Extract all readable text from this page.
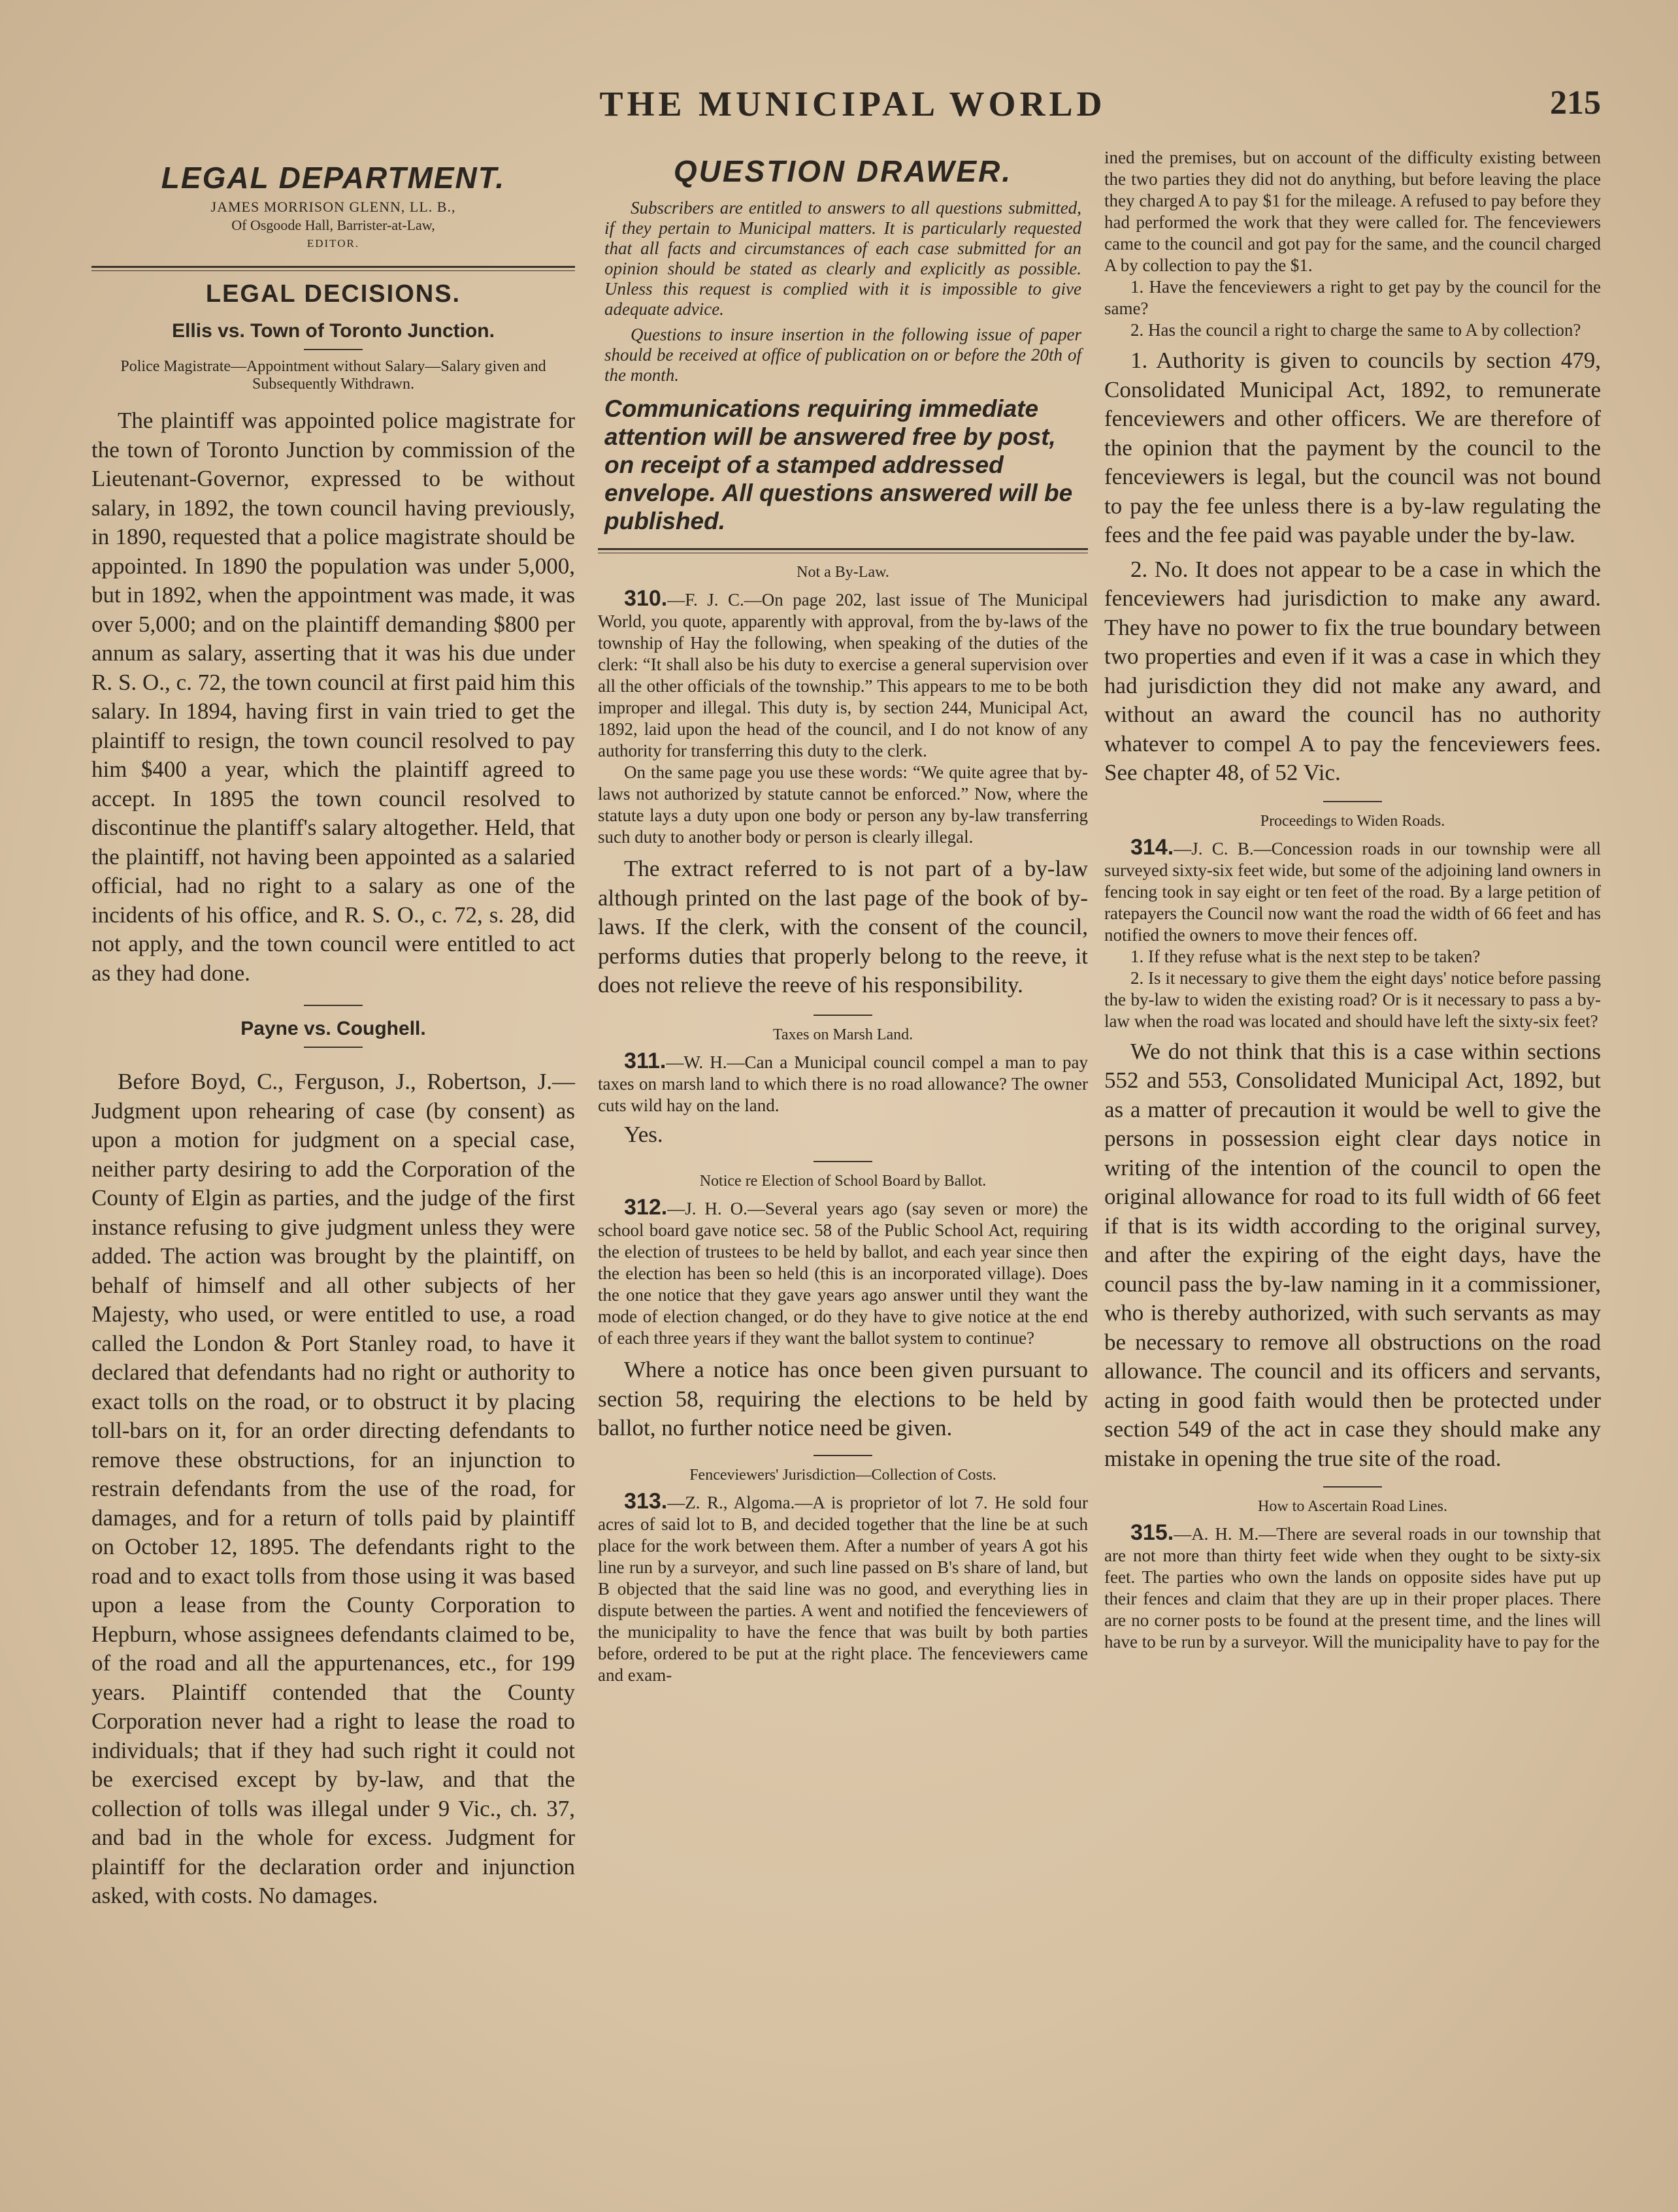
THE MUNICIPAL WORLD	215
LEGAL DEPARTMENT.

JAMES MORRISON GLENN, LL. B.,

Of Osgoode Hall, Barrister-at-Law,

EDITOR.

LEGAL DECISIONS.
Ellis vs. Town of Toronto Junction.

Police Magistrate—Appointment without Salary—Salary given and Subsequently Withdrawn.

The plaintiff was appointed police magistrate for the town of Toronto Junction by commission of the Lieutenant-Governor, expressed to be without salary, in 1892, the town council having previously, in 1890, requested that a police magistrate should be appointed. In 1890 the population was under 5,000, but in 1892, when the appointment was made, it was over 5,000; and on the plaintiff demanding $800 per annum as salary, asserting that it was his due under R. S. O., c. 72, the town council at first paid him this salary. In 1894, having first in vain tried to get the plaintiff to resign, the town council resolved to pay him $400 a year, which the plaintiff agreed to accept. In 1895 the town council resolved to discontinue the plantiff's salary altogether. Held, that the plaintiff, not having been appointed as a salaried official, had no right to a salary as one of the incidents of his office, and R. S. O., c. 72, s. 28, did not apply, and the town council were entitled to act as they had done.

Payne vs. Coughell.

Before Boyd, C., Ferguson, J., Robertson, J.—Judgment upon rehearing of case (by consent) as upon a motion for judgment on a special case, neither party desiring to add the Corporation of the County of Elgin as parties, and the judge of the first instance refusing to give judgment unless they were added. The action was brought by the plaintiff, on behalf of himself and all other subjects of her Majesty, who used, or were entitled to use, a road called the London & Port Stanley road, to have it declared that defendants had no right or authority to exact tolls on the road, or to obstruct it by placing toll-bars on it, for an order directing defendants to remove these obstructions, for an injunction to restrain defendants from the use of the road, for damages, and for a return of tolls paid by plaintiff on October 12, 1895. The defendants right to the road and to exact tolls from those using it was based upon a lease from the County Corporation to Hepburn, whose assignees defendants claimed to be, of the road and all the appurtenances, etc., for 199 years. Plaintiff contended that the County Corporation never had a right to lease the road to individuals; that if they had such right it could not be exercised except by by-law, and that the collection of tolls was illegal under 9 Vic., ch. 37, and bad in the whole for excess. Judgment for plaintiff for the declaration order and injunction asked, with costs. No damages.

QUESTION DRAWER.

Subscribers are entitled to answers to all questions submitted, if they pertain to Municipal matters. It is particularly requested that all facts and circumstances of each case submitted for an opinion should be stated as clearly and explicitly as possible. Unless this request is complied with it is impossible to give adequate advice.

Questions to insure insertion in the following issue of paper should be received at office of publication on or before the 20th of the month.

Communications requiring immediate attention will be answered free by post, on receipt of a stamped addressed envelope. All questions answered will be published.

Not a By-Law.

310.—F. J. C.—On page 202, last issue of The Municipal World, you quote, apparently with approval, from the by-laws of the township of Hay the following, when speaking of the duties of the clerk: “It shall also be his duty to exercise a general supervision over all the other officials of the township.” This appears to me to be both improper and illegal. This duty is, by section 244, Municipal Act, 1892, laid upon the head of the council, and I do not know of any authority for transferring this duty to the clerk.

On the same page you use these words: “We quite agree that by-laws not authorized by statute cannot be enforced.” Now, where the statute lays a duty upon one body or person any by-law transferring such duty to another body or person is clearly illegal.

The extract referred to is not part of a by-law although printed on the last page of the book of by-laws. If the clerk, with the consent of the council, performs duties that properly belong to the reeve, it does not relieve the reeve of his responsibility.

Taxes on Marsh Land.

311.—W. H.—Can a Municipal council compel a man to pay taxes on marsh land to which there is no road allowance? The owner cuts wild hay on the land.

Yes.

Notice re Election of School Board by Ballot.

312.—J. H. O.—Several years ago (say seven or more) the school board gave notice sec. 58 of the Public School Act, requiring the election of trustees to be held by ballot, and each year since then the election has been so held (this is an incorporated village). Does the one notice that they gave years ago answer until they want the mode of election changed, or do they have to give notice at the end of each three years if they want the ballot system to continue?

Where a notice has once been given pursuant to section 58, requiring the elections to be held by ballot, no further notice need be given.

Fenceviewers' Jurisdiction—Collection of Costs.

313.—Z. R., Algoma.—A is proprietor of lot 7. He sold four acres of said lot to B, and decided together that the line be at such place for the work between them. After a number of years A got his line run by a surveyor, and such line passed on B's share of land, but B objected that the said line was no good, and everything lies in dispute between the parties. A went and notified the fenceviewers of the municipality to have the fence that was built by both parties before, ordered to be put at the right place. The fenceviewers came and exam-

ined the premises, but on account of the difficulty existing between the two parties they did not do anything, but before leaving the place they charged A to pay $1 for the mileage. A refused to pay before they had performed the work that they were called for. The fenceviewers came to the council and got pay for the same, and the council charged A by collection to pay the $1.

1. Have the fenceviewers a right to get pay by the council for the same?

2. Has the council a right to charge the same to A by collection?

1. Authority is given to councils by section 479, Consolidated Municipal Act, 1892, to remunerate fenceviewers and other officers. We are therefore of the opinion that the payment by the council to the fenceviewers is legal, but the council was not bound to pay the fee unless there is a by-law regulating the fees and the fee paid was payable under the by-law.

2. No. It does not appear to be a case in which the fenceviewers had jurisdiction to make any award. They have no power to fix the true boundary between two properties and even if it was a case in which they had jurisdiction they did not make any award, and without an award the council has no authority whatever to compel A to pay the fenceviewers fees. See chapter 48, of 52 Vic.

Proceedings to Widen Roads.

314.—J. C. B.—Concession roads in our township were all surveyed sixty-six feet wide, but some of the adjoining land owners in fencing took in say eight or ten feet of the road. By a large petition of ratepayers the Council now want the road the width of 66 feet and has notified the owners to move their fences off.

1. If they refuse what is the next step to be taken?

2. Is it necessary to give them the eight days' notice before passing the by-law to widen the existing road? Or is it necessary to pass a by-law when the road was located and should have left the sixty-six feet?

We do not think that this is a case within sections 552 and 553, Consolidated Municipal Act, 1892, but as a matter of precaution it would be well to give the persons in possession eight clear days notice in writing of the intention of the council to open the original allowance for road to its full width of 66 feet if that is its width according to the original survey, and after the expiring of the eight days, have the council pass the by-law naming in it a commissioner, who is thereby authorized, with such servants as may be necessary to remove all obstructions on the road allowance. The council and its officers and servants, acting in good faith would then be protected under section 549 of the act in case they should make any mistake in opening the true site of the road.

How to Ascertain Road Lines.

315.—A. H. M.—There are several roads in our township that are not more than thirty feet wide when they ought to be sixty-six feet. The parties who own the lands on opposite sides have put up their fences and claim that they are up in their proper places. There are no corner posts to be found at the present time, and the lines will have to be run by a surveyor. Will the municipality have to pay for the
